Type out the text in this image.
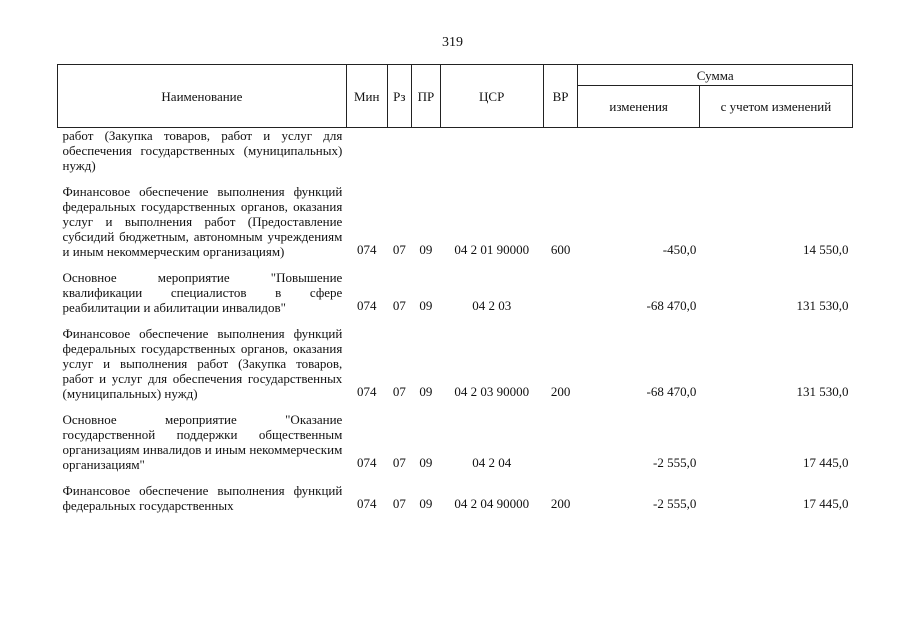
319
Наименование	Мин	Рз	ПР	ЦСР	ВР	Сумма	
						изменения	с учетом изменений
работ (Закупка товаров, работ и услуг для обеспечения государственных (муниципальных) нужд)							
Финансовое обеспечение выполнения функций федеральных государственных органов, оказания услуг и выполнения работ (Предоставление субсидий бюджетным, автономным учреждениям и иным некоммерческим организациям)	074	07	09	04 2 01 90000	600	-450,0	14 550,0
Основное мероприятие "Повышение квалификации специалистов в сфере реабилитации и абилитации инвалидов"	074	07	09	04 2 03		-68 470,0	131 530,0
Финансовое обеспечение выполнения функций федеральных государственных органов, оказания услуг и выполнения работ (Закупка товаров, работ и услуг для обеспечения государственных (муниципальных) нужд)	074	07	09	04 2 03 90000	200	-68 470,0	131 530,0
Основное мероприятие "Оказание государственной поддержки общественным организациям инвалидов и иным некоммерческим организациям"	074	07	09	04 2 04		-2 555,0	17 445,0
Финансовое обеспечение выполнения функций федеральных государственных	074	07	09	04 2 04 90000	200	-2 555,0	17 445,0
